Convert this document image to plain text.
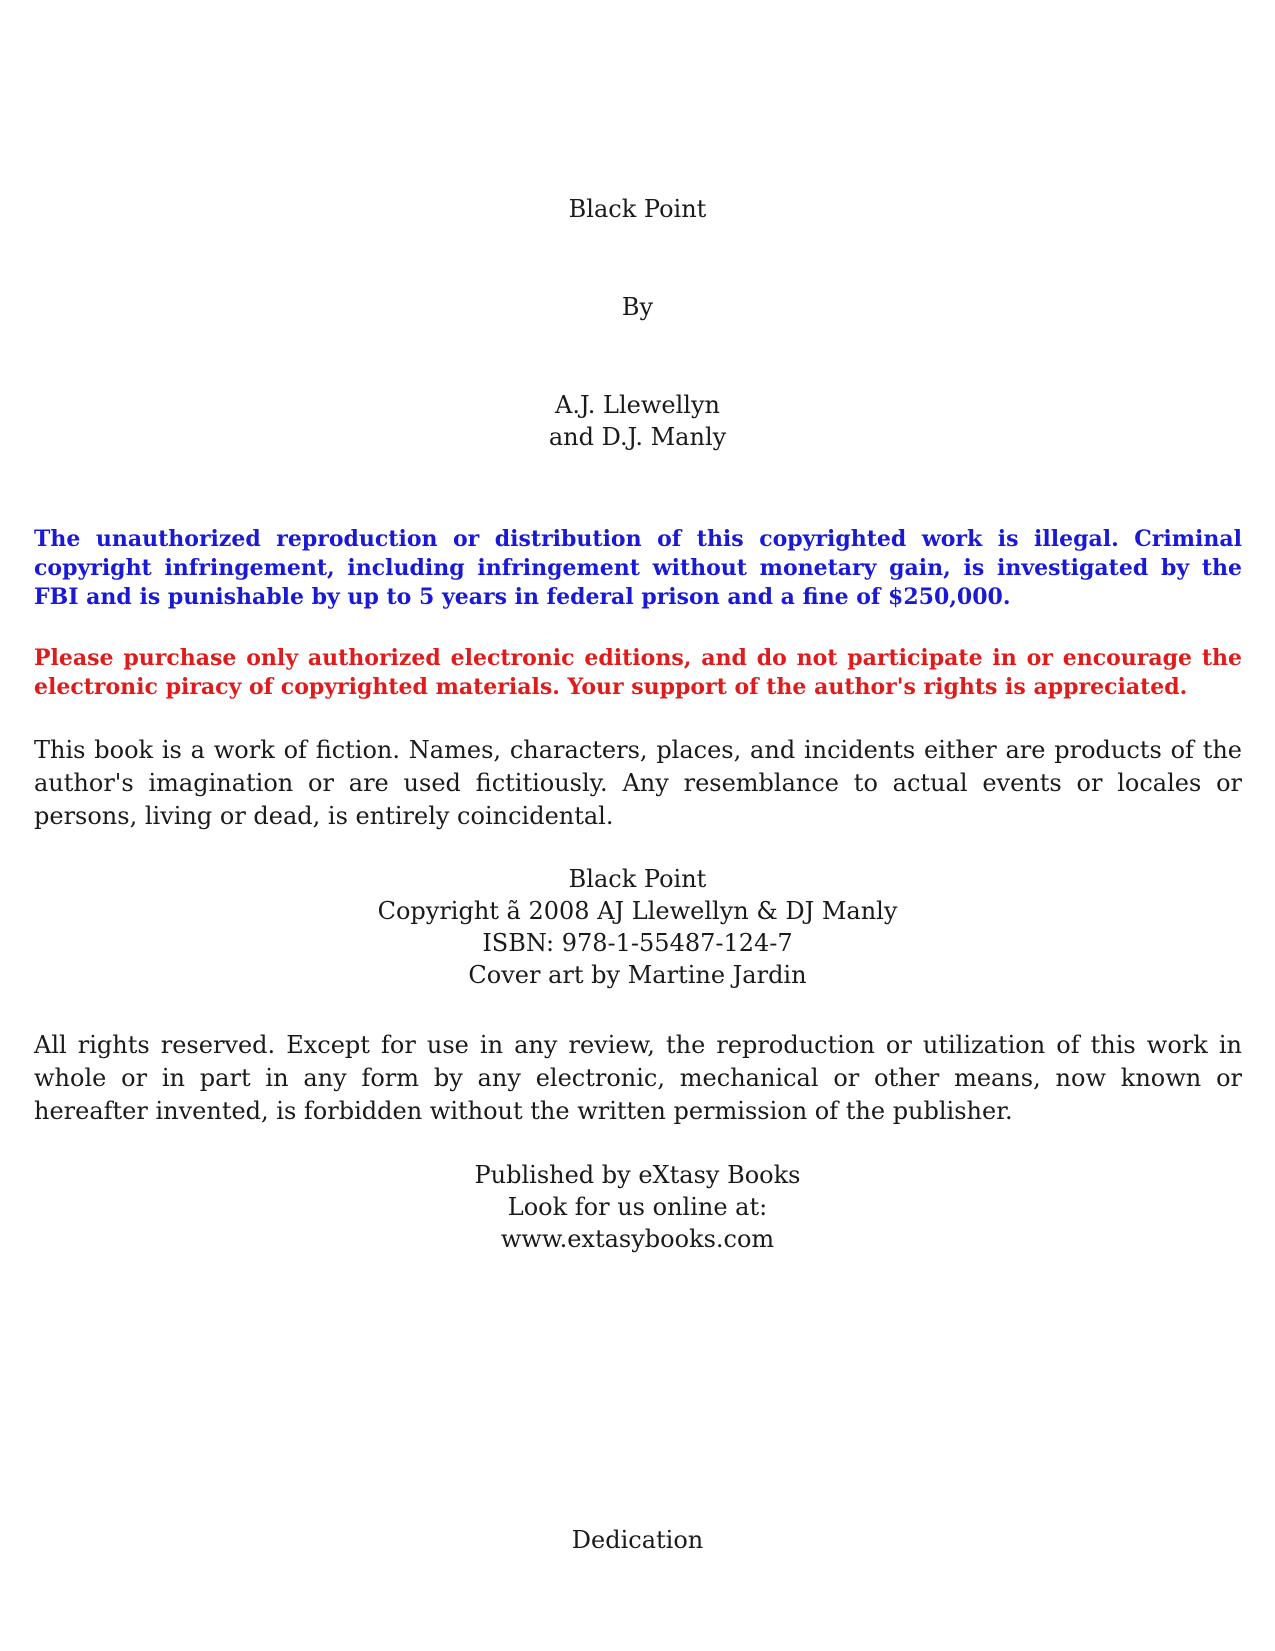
Black Point
By
A.J. Llewellyn
and D.J. Manly
The unauthorized reproduction or distribution of this copyrighted work is illegal. Criminal copyright infringement, including infringement without monetary gain, is investigated by the FBI and is punishable by up to 5 years in federal prison and a fine of $250,000.
Please purchase only authorized electronic editions, and do not participate in or encourage the electronic piracy of copyrighted materials. Your support of the author's rights is appreciated.
This book is a work of fiction. Names, characters, places, and incidents either are products of the author's imagination or are used fictitiously. Any resemblance to actual events or locales or persons, living or dead, is entirely coincidental.
Black Point
Copyright ã 2008 AJ Llewellyn & DJ Manly
ISBN: 978-1-55487-124-7
Cover art by Martine Jardin
All rights reserved. Except for use in any review, the reproduction or utilization of this work in whole or in part in any form by any electronic, mechanical or other means, now known or hereafter invented, is forbidden without the written permission of the publisher.
Published by eXtasy Books
Look for us online at:
www.extasybooks.com
Dedication
